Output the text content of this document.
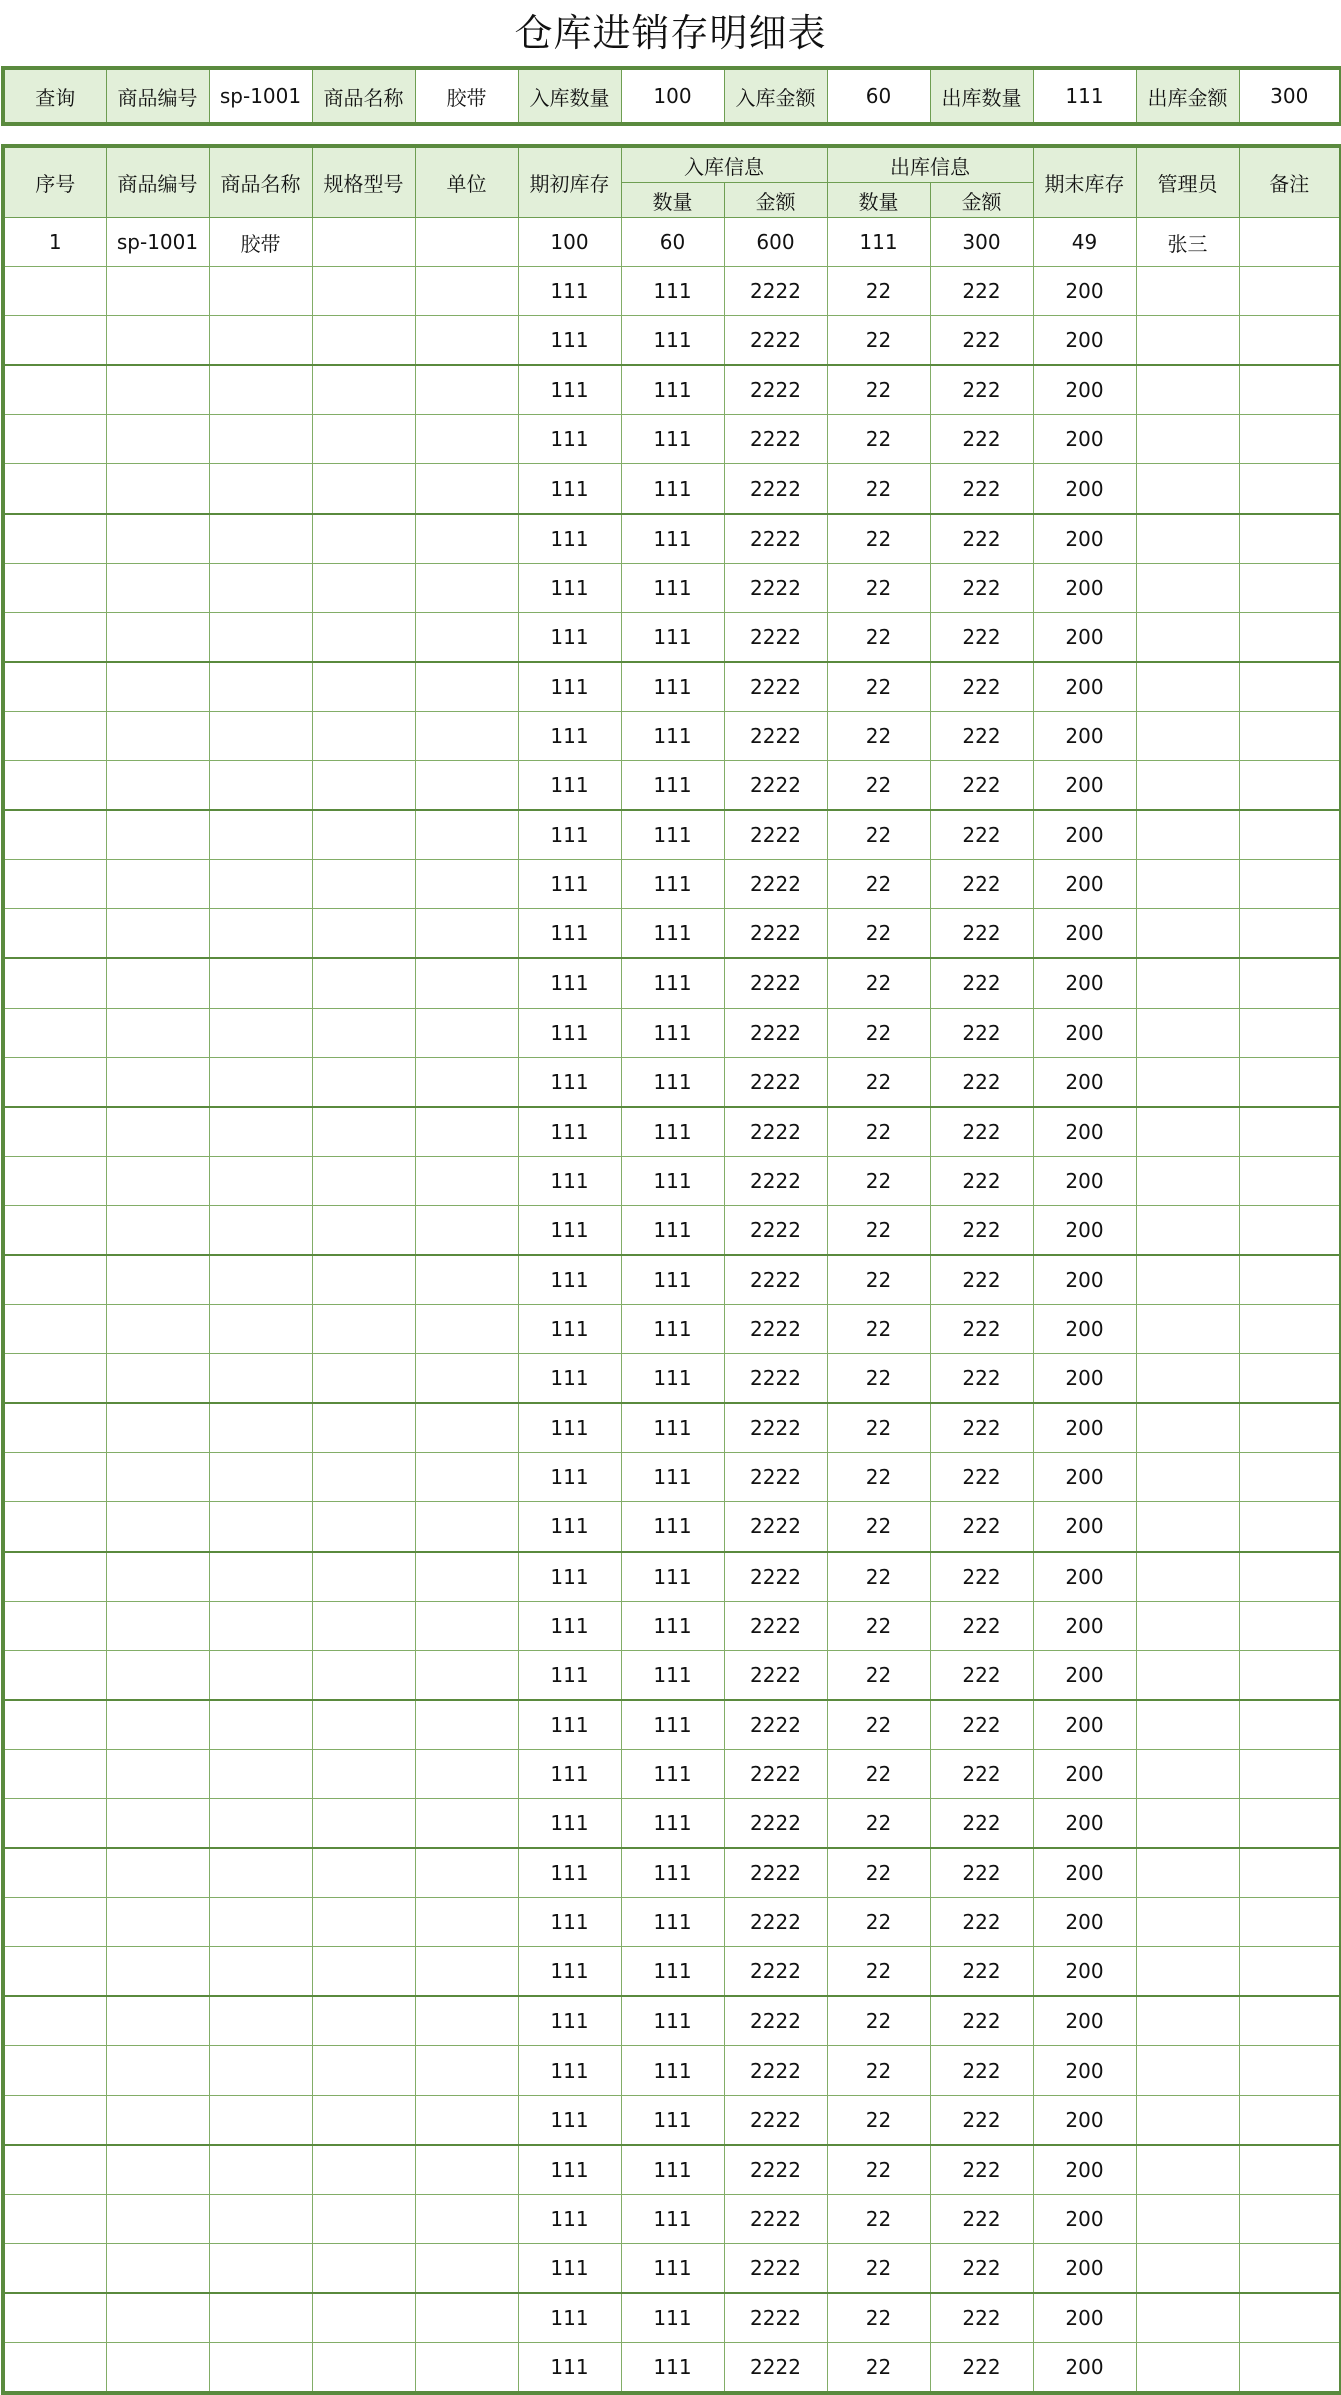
仓库进销存明细表
查询	商品编号	sp-1001	商品名称	胶带	入库数量	100	入库金额	60	出库数量	111	出库金额	300
序号	商品编号	商品名称	规格型号	单位	期初库存	入库信息		出库信息		期末库存	管理员	备注
						数量	金额	数量	金额			
1	sp-1001	胶带			100	60	600	111	300	49	张三	
					111	111	2222	22	222	200		
					111	111	2222	22	222	200		
					111	111	2222	22	222	200		
					111	111	2222	22	222	200		
					111	111	2222	22	222	200		
					111	111	2222	22	222	200		
					111	111	2222	22	222	200		
					111	111	2222	22	222	200		
					111	111	2222	22	222	200		
					111	111	2222	22	222	200		
					111	111	2222	22	222	200		
					111	111	2222	22	222	200		
					111	111	2222	22	222	200		
					111	111	2222	22	222	200		
					111	111	2222	22	222	200		
					111	111	2222	22	222	200		
					111	111	2222	22	222	200		
					111	111	2222	22	222	200		
					111	111	2222	22	222	200		
					111	111	2222	22	222	200		
					111	111	2222	22	222	200		
					111	111	2222	22	222	200		
					111	111	2222	22	222	200		
					111	111	2222	22	222	200		
					111	111	2222	22	222	200		
					111	111	2222	22	222	200		
					111	111	2222	22	222	200		
					111	111	2222	22	222	200		
					111	111	2222	22	222	200		
					111	111	2222	22	222	200		
					111	111	2222	22	222	200		
					111	111	2222	22	222	200		
					111	111	2222	22	222	200		
					111	111	2222	22	222	200		
					111	111	2222	22	222	200		
					111	111	2222	22	222	200		
					111	111	2222	22	222	200		
					111	111	2222	22	222	200		
					111	111	2222	22	222	200		
					111	111	2222	22	222	200		
					111	111	2222	22	222	200		
					111	111	2222	22	222	200		
					111	111	2222	22	222	200		
